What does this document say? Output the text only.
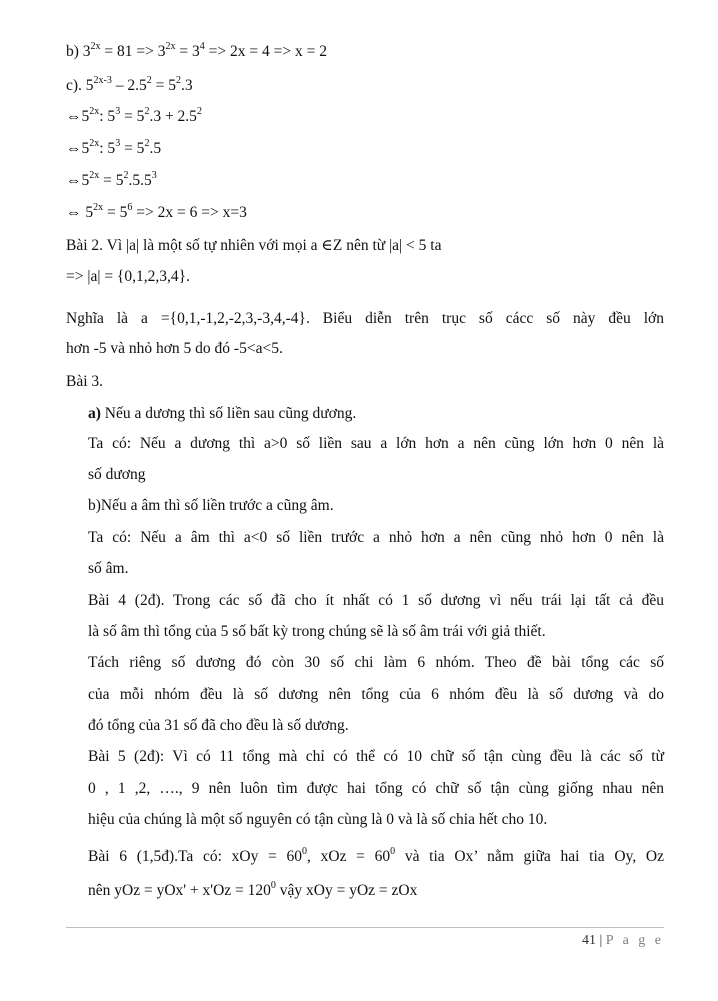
b) $3^{2x} = 81 => 3^{2x} = 3^4 => 2x = 4 => x = 2$
c). $5^{2x-3} - 2.5^2 = 5^2.3$
$\Leftrightarrow 5^{2x}$: $5^3 = 5^2.3 + 2.5^2$
$\Leftrightarrow 5^{2x}$: $5^3 = 5^2.5$
$\Leftrightarrow 5^{2x} = 5^2.5.5^3$
⇔ $5^{2x} = 5^6 => 2x = 6 => x=3$
Bài 2. Vì |a| là một số tự nhiên với mọi a ∈Z nên từ |a| < 5 ta
=> |a| = {0,1,2,3,4}.
Nghĩa là a ={0,1,-1,2,-2,3,-3,4,-4}. Biểu diễn trên trục số cácc số này đều lớn
hơn -5 và nhỏ hơn 5 do đó -5<a<5.
Bài 3.
a) Nếu a dương thì số liền sau cũng dương.
Ta có: Nếu a dương thì a>0 số liền sau a lớn hơn a nên cũng lớn hơn 0 nên là
số dương
b)Nếu a âm thì số liền trước a cũng âm.
Ta có: Nếu a âm thì a<0 số liền trước a nhỏ hơn a nên cũng nhỏ hơn 0 nên là
số âm.
Bài 4 (2đ). Trong các số đã cho ít nhất có 1 số dương vì nếu trái lại tất cả đều
là số âm thì tổng của 5 số bất kỳ trong chúng sẽ là số âm trái với giả thiết.
Tách riêng số dương đó còn 30 số chi làm 6 nhóm. Theo đề bài tổng các số
của mỗi nhóm đều là số dương nên tổng của 6 nhóm đều là số dương và do
đó tổng của 31 số đã cho đều là số dương.
Bài 5 (2đ): Vì có 11 tổng mà chỉ có thể có 10 chữ số tận cùng đều là các số từ
0 , 1 ,2, …., 9 nên luôn tìm được hai tổng có chữ số tận cùng giống nhau nên
hiệu của chúng là một số nguyên có tận cùng là 0 và là số chia hết cho 10.
Bài 6 (1,5đ).Ta có: xOy = $60^0$, xOz = $60^0$ và tia Ox’ nằm giữa hai tia Oy, Oz
nên yOz = $yOx' + x'Oz = 120^0$ vậy xOy = yOz = zOx
41 | P a g e
